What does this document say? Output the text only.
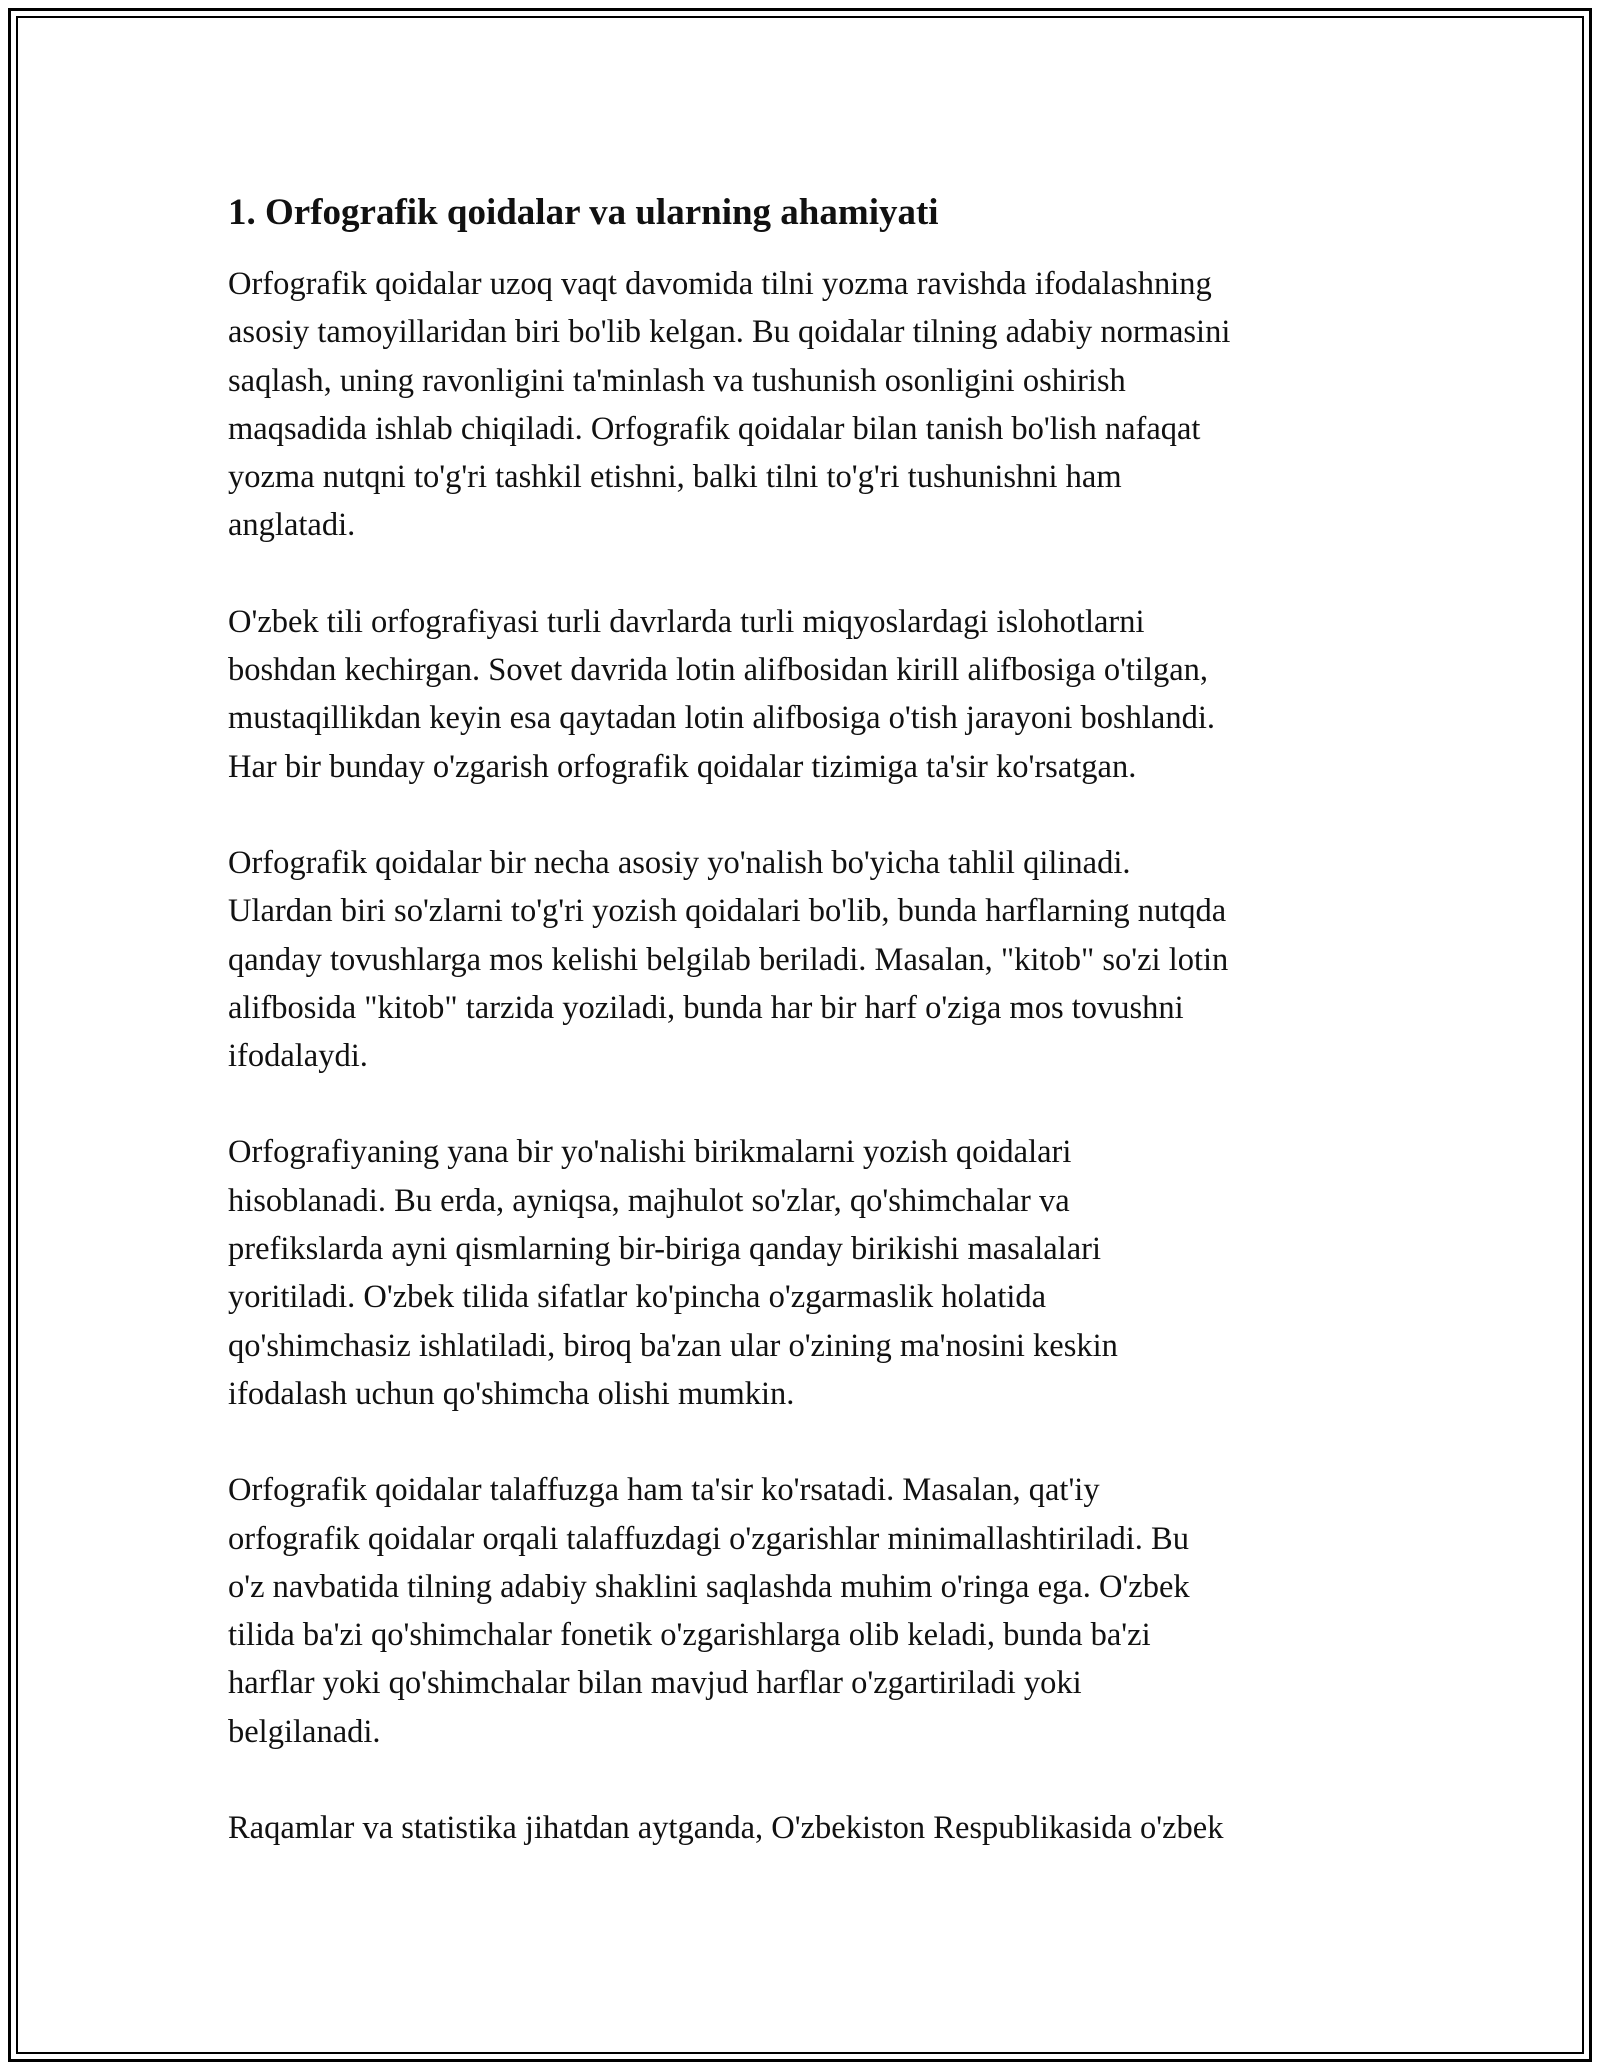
1. Orfografik qoidalar va ularning ahamiyati

Orfografik qoidalar uzoq vaqt davomida tilni yozma ravishda ifodalashning
asosiy tamoyillaridan biri bo'lib kelgan. Bu qoidalar tilning adabiy normasini
saqlash, uning ravonligini ta'minlash va tushunish osonligini oshirish
maqsadida ishlab chiqiladi. Orfografik qoidalar bilan tanish bo'lish nafaqat
yozma nutqni to'g'ri tashkil etishni, balki tilni to'g'ri tushunishni ham
anglatadi.

O'zbek tili orfografiyasi turli davrlarda turli miqyoslardagi islohotlarni
boshdan kechirgan. Sovet davrida lotin alifbosidan kirill alifbosiga o'tilgan,
mustaqillikdan keyin esa qaytadan lotin alifbosiga o'tish jarayoni boshlandi.
Har bir bunday o'zgarish orfografik qoidalar tizimiga ta'sir ko'rsatgan.

Orfografik qoidalar bir necha asosiy yo'nalish bo'yicha tahlil qilinadi.
Ulardan biri so'zlarni to'g'ri yozish qoidalari bo'lib, bunda harflarning nutqda
qanday tovushlarga mos kelishi belgilab beriladi. Masalan, "kitob" so'zi lotin
alifbosida "kitob" tarzida yoziladi, bunda har bir harf o'ziga mos tovushni
ifodalaydi.

Orfografiyaning yana bir yo'nalishi birikmalarni yozish qoidalari
hisoblanadi. Bu erda, ayniqsa, majhulot so'zlar, qo'shimchalar va
prefikslarda ayni qismlarning bir-biriga qanday birikishi masalalari
yoritiladi. O'zbek tilida sifatlar ko'pincha o'zgarmaslik holatida
qo'shimchasiz ishlatiladi, biroq ba'zan ular o'zining ma'nosini keskin
ifodalash uchun qo'shimcha olishi mumkin.

Orfografik qoidalar talaffuzga ham ta'sir ko'rsatadi. Masalan, qat'iy
orfografik qoidalar orqali talaffuzdagi o'zgarishlar minimallashtiriladi. Bu
o'z navbatida tilning adabiy shaklini saqlashda muhim o'ringa ega. O'zbek
tilida ba'zi qo'shimchalar fonetik o'zgarishlarga olib keladi, bunda ba'zi
harflar yoki qo'shimchalar bilan mavjud harflar o'zgartiriladi yoki
belgilanadi.

Raqamlar va statistika jihatdan aytganda, O'zbekiston Respublikasida o'zbek
